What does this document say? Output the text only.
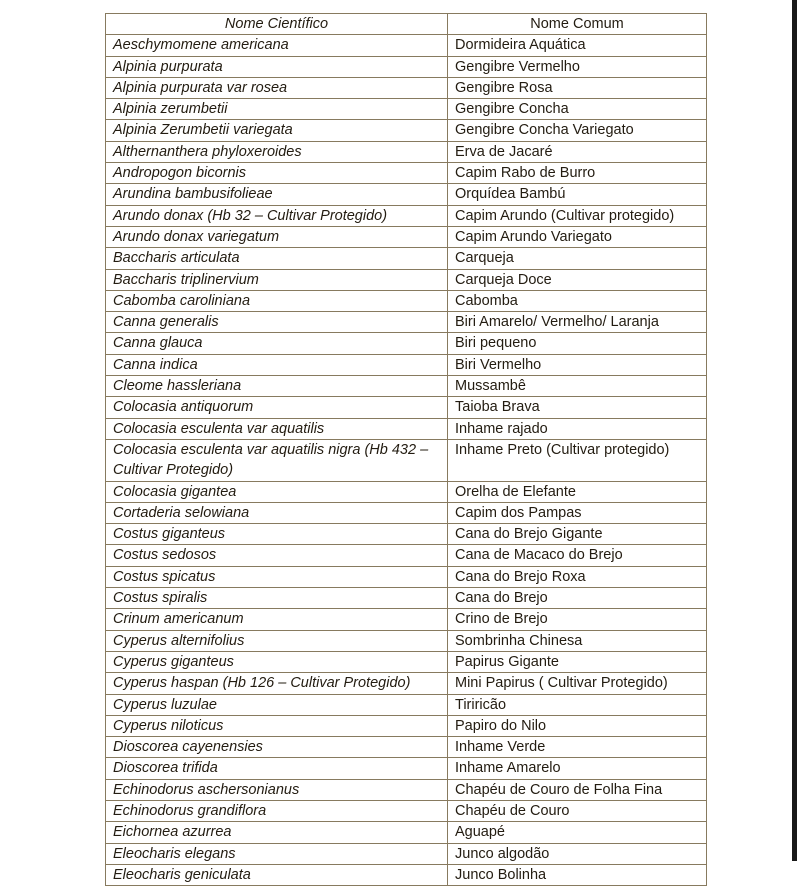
Nome Científico	Nome Comum
Aeschymomene americana	Dormideira Aquática
Alpinia purpurata	Gengibre Vermelho
Alpinia purpurata var rosea	Gengibre Rosa
Alpinia zerumbetii	Gengibre Concha
Alpinia Zerumbetii variegata	Gengibre Concha Variegato
Althernanthera phyloxeroides	Erva de Jacaré
Andropogon bicornis	Capim Rabo de Burro
Arundina bambusifolieae	Orquídea Bambú
Arundo donax (Hb 32 – Cultivar Protegido)	Capim Arundo (Cultivar protegido)
Arundo donax variegatum	Capim Arundo Variegato
Baccharis articulata	Carqueja
Baccharis triplinervium	Carqueja Doce
Cabomba caroliniana	Cabomba
Canna generalis	Biri Amarelo/ Vermelho/ Laranja
Canna glauca	Biri pequeno
Canna indica	Biri Vermelho
Cleome hassleriana	Mussambê
Colocasia antiquorum	Taioba Brava
Colocasia esculenta var aquatilis	Inhame rajado
Colocasia esculenta var aquatilis nigra (Hb 432 – Cultivar Protegido)	Inhame Preto (Cultivar protegido)
Colocasia gigantea	Orelha de Elefante
Cortaderia selowiana	Capim dos Pampas
Costus giganteus	Cana do Brejo Gigante
Costus sedosos	Cana de Macaco do Brejo
Costus spicatus	Cana do Brejo Roxa
Costus spiralis	Cana do Brejo
Crinum americanum	Crino de Brejo
Cyperus alternifolius	Sombrinha Chinesa
Cyperus giganteus	Papirus Gigante
Cyperus haspan (Hb 126 – Cultivar Protegido)	Mini Papirus ( Cultivar Protegido)
Cyperus luzulae	Tiriricão
Cyperus niloticus	Papiro do Nilo
Dioscorea cayenensies	Inhame Verde
Dioscorea trifida	Inhame Amarelo
Echinodorus aschersonianus	Chapéu de Couro de Folha Fina
Echinodorus grandiflora	Chapéu de Couro
Eichornea azurrea	Aguapé
Eleocharis elegans	Junco algodão
Eleocharis geniculata	Junco Bolinha
